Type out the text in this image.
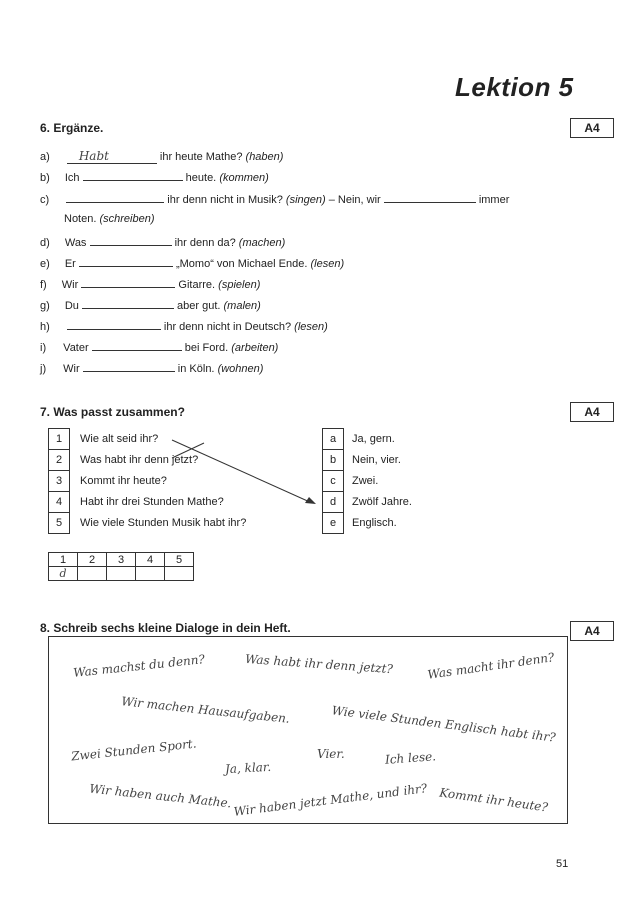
Lektion 5
6. Ergänze.	A4
a) Habt	ihr heute Mathe? (haben)
b) Ich	heute. (kommen)
c)	ihr denn nicht in Musik? (singen) – Nein, wir	immer
Noten. (schreiben)
d) Was	ihr denn da? (machen)
e) Er	„Momo“ von Michael Ende. (lesen)
f) Wir	Gitarre. (spielen)
g) Du	aber gut. (malen)
h)	ihr denn nicht in Deutsch? (lesen)
i) Vater	bei Ford. (arbeiten)
j) Wir	in Köln. (wohnen)
7. Was passt zusammen?	A4
1	Wie alt seid ihr?
2	Was habt ihr denn jetzt?
3	Kommt ihr heute?
4	Habt ihr drei Stunden Mathe?
5	Wie viele Stunden Musik habt ihr?
a	Ja, gern.
b	Nein, vier.
c	Zwei.
d	Zwölf Jahre.
e	Englisch.
1	2	3	4	5
d				
8. Schreib sechs kleine Dialoge in dein Heft.	A4
Was machst du denn?	Was habt ihr denn jetzt?	Was macht ihr denn?
Wir machen Hausaufgaben.	Wie viele Stunden Englisch habt ihr?
Zwei Stunden Sport.	Vier.	Ich lese.
Ja, klar.
Wir haben auch Mathe. Wir haben jetzt Mathe, und ihr? Kommt ihr heute?
51
